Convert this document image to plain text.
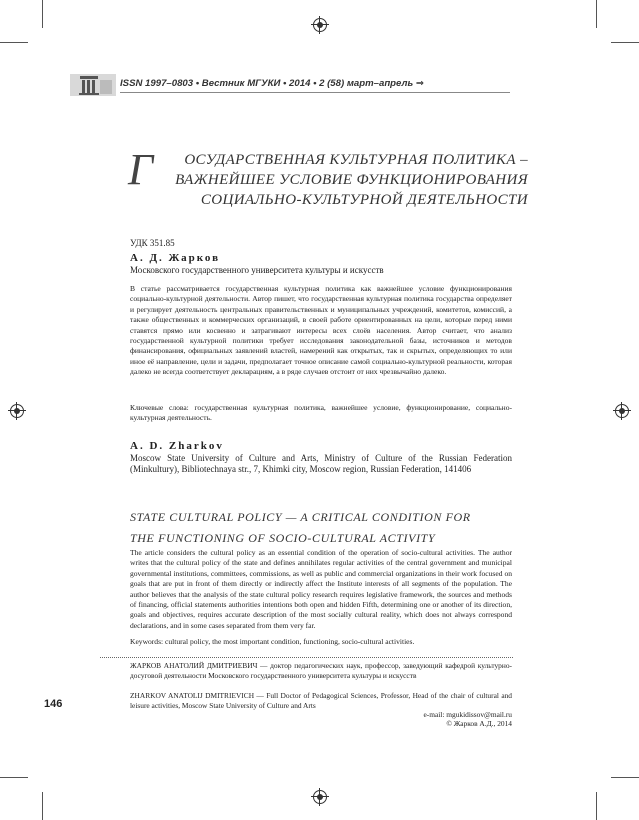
ISSN 1997–0803 • Вестник МГУКИ • 2014 • 2 (58) март–апрель ⇒
Г	ОСУДАРСТВЕННАЯ КУЛЬТУРНАЯ ПОЛИТИКА –
ВАЖНЕЙШЕЕ УСЛОВИЕ ФУНКЦИОНИРОВАНИЯ
СОЦИАЛЬНО-КУЛЬТУРНОЙ ДЕЯТЕЛЬНОСТИ
УДК 351.85
А. Д. Жарков
Московского государственного университета культуры и искусств
В статье рассматривается государственная культурная политика как важнейшее условие функционирования социально-культурной деятельности. Автор пишет, что государственная культурная политика государства определяет и регулирует деятельность центральных правительственных и муниципальных учреждений, комитетов, комиссий, а также общественных и коммерческих организаций, в своей работе ориентированных на цели, которые перед ними ставятся прямо или косвенно и затрагивают интересы всех слоёв населения. Автор считает, что анализ государственной культурной политики требует исследования законодательной базы, источников и методов финансирования, официальных заявлений властей, намерений как открытых, так и скрытых, определяющих то или иное её направление, цели и задачи, предполагает точное описание самой социально-культурной реальности, которая далеко не всегда соответствует декларациям, а в ряде случаев отстоит от них чрезвычайно далеко.
Ключевые слова: государственная культурная политика, важнейшее условие, функционирование, социально-культурная деятельность.
A. D. Zharkov
Moscow State University of Culture and Arts, Ministry of Culture of the Russian Federation (Minkulturу), Bibliotechnaya str., 7, Khimki city, Moscow region, Russian Federation, 141406
STATE CULTURAL POLICY — A CRITICAL CONDITION FOR
THE FUNCTIONING OF SOCIO-CULTURAL ACTIVITY
The article considers the cultural policy as an essential condition of the operation of socio-cultural activities. The author writes that the cultural policy of the state and defines annihilates regular activities of the central government and municipal governmental institutions, committees, commissions, as well as public and commercial organizations in their work focused on goals that are put in front of them directly or indirectly affect the Institute interests of all segments of the population. The author believes that the analysis of the state cultural policy research requires legislative framework, the sources and methods of financing, official statements authorities intentions both open and hidden Fifth, determining one or another of its direction, goals and objectives, requires accurate description of the most socially cultural reality, which does not always correspond declarations, and in some cases separated from them very far.
Keywords: cultural policy, the most important condition, functioning, socio-cultural activities.
ЖАРКОВ АНАТОЛИЙ ДМИТРИЕВИЧ — доктор педагогических наук, профессор, заведующий кафедрой культурно-досуговой деятельности Московского государственного университета культуры и искусств
ZHARKOV ANATOLIJ DMITRIEVICH — Full Doctor of Pedagogical Sciences, Professor, Head of the chair of cultural and leisure activities, Moscow State University of Culture and Arts
e-mail: mgukidissov@mail.ru
© Жарков А.Д., 2014
146
